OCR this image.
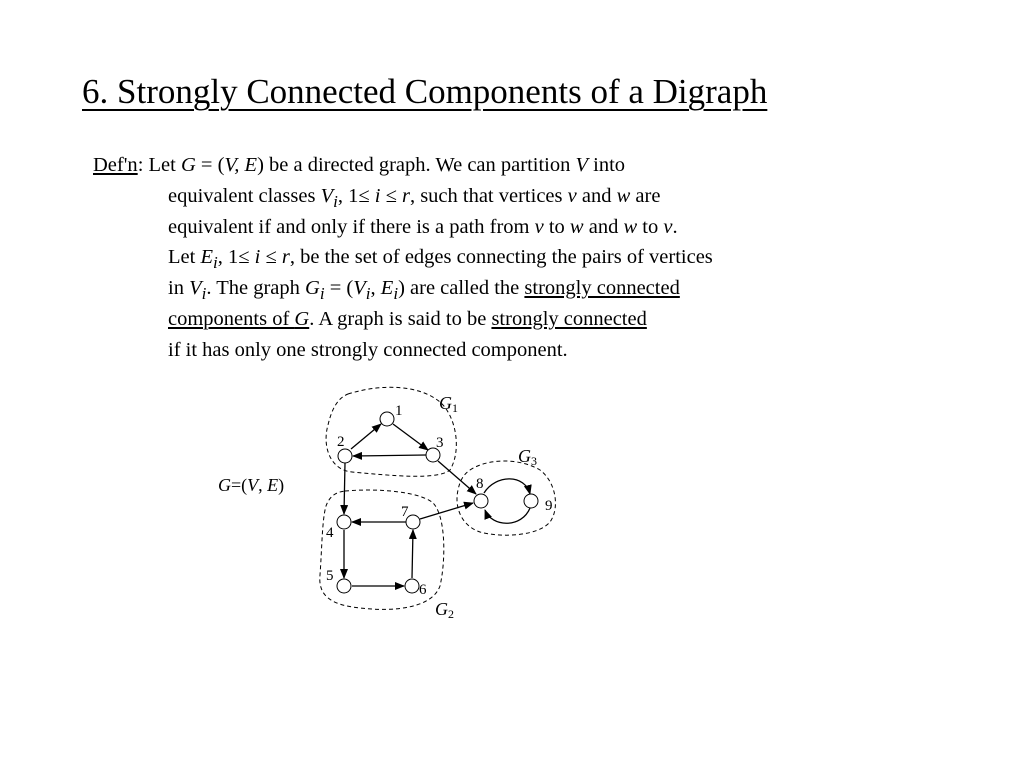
6. Strongly Connected Components of a Digraph
Def'n: Let G = (V, E) be a directed graph. We can partition V into
equivalent classes $V_i$, 1≤ i ≤ r, such that vertices v and w are
equivalent if and only if there is a path from v to w and w to v.
Let $E_i$, 1≤ i ≤ r, be the set of edges connecting the pairs of vertices
in $V_i$. The graph $G_i = (V_i$, $E_i$) are called the strongly connected
components of G. A graph is said to be strongly connected
if it has only one strongly connected component.
1
2	3
4
5
6
7
8
9
G1
G2
G3
G=(V, E)
